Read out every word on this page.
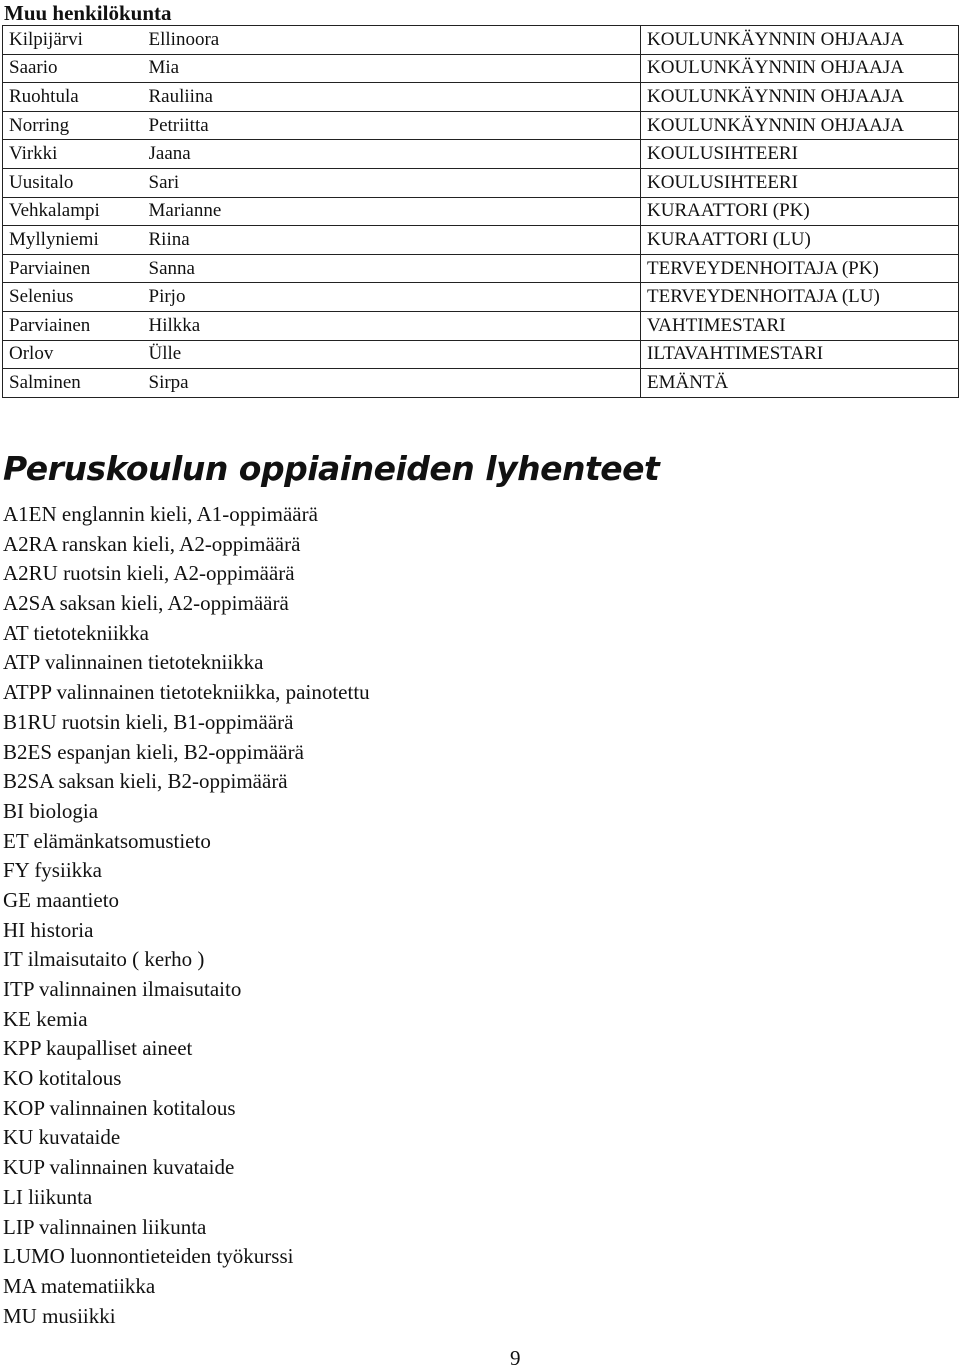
Muu henkilökunta
Kilpijärvi	Ellinoora	KOULUNKÄYNNIN OHJAAJA
Saario	Mia	KOULUNKÄYNNIN OHJAAJA
Ruohtula	Rauliina	KOULUNKÄYNNIN OHJAAJA
Norring	Petriitta	KOULUNKÄYNNIN OHJAAJA
Virkki	Jaana	KOULUSIHTEERI
Uusitalo	Sari	KOULUSIHTEERI
Vehkalampi	Marianne	KURAATTORI (PK)
Myllyniemi	Riina	KURAATTORI (LU)
Parviainen	Sanna	TERVEYDENHOITAJA (PK)
Selenius	Pirjo	TERVEYDENHOITAJA (LU)
Parviainen	Hilkka	VAHTIMESTARI
Orlov	Ülle	ILTAVAHTIMESTARI
Salminen	Sirpa	EMÄNTÄ
Peruskoulun oppiaineiden lyhenteet
A1EN englannin kieli, A1-oppimäärä
A2RA ranskan kieli, A2-oppimäärä
A2RU ruotsin kieli, A2-oppimäärä
A2SA saksan kieli, A2-oppimäärä
AT tietotekniikka
ATP valinnainen tietotekniikka
ATPP valinnainen tietotekniikka, painotettu
B1RU ruotsin kieli, B1-oppimäärä
B2ES espanjan kieli, B2-oppimäärä
B2SA saksan kieli, B2-oppimäärä
BI biologia
ET elämänkatsomustieto
FY fysiikka
GE maantieto
HI historia
IT ilmaisutaito ( kerho )
ITP valinnainen ilmaisutaito
KE kemia
KPP kaupalliset aineet
KO kotitalous
KOP valinnainen kotitalous
KU kuvataide
KUP valinnainen kuvataide
LI liikunta
LIP valinnainen liikunta
LUMO luonnontieteiden työkurssi
MA matematiikka
MU musiikki
9
